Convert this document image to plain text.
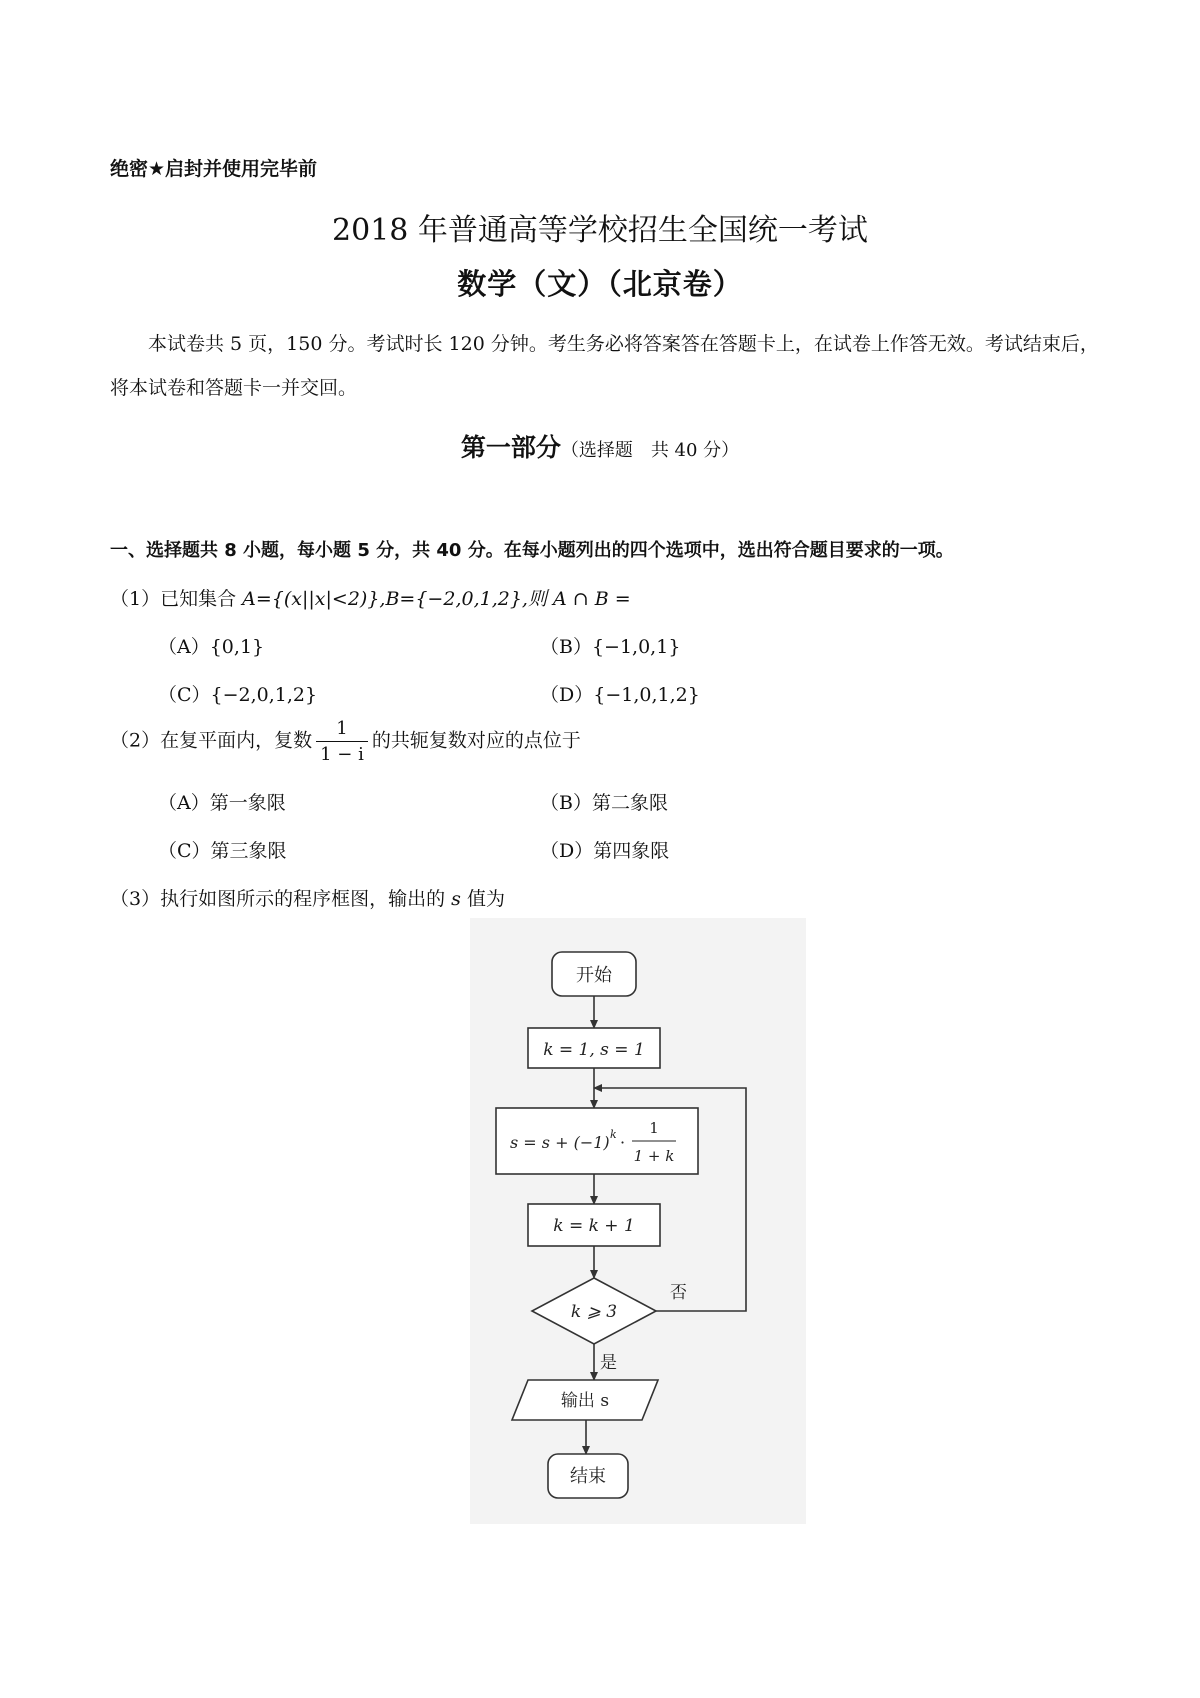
绝密★启封并使用完毕前
2018 年普通高等学校招生全国统一考试
数学（文）（北京卷）
本试卷共 5 页，150 分。考试时长 120 分钟。考生务必将答案答在答题卡上，在试卷上作答无效。考试结束后，将本试卷和答题卡一并交回。
第一部分（选择题　共 40 分）
一、选择题共 8 小题，每小题 5 分，共 40 分。在每小题列出的四个选项中，选出符合题目要求的一项。
（1）已知集合 A={(x||x|<2)},B={−2,0,1,2},则 A ∩ B =
（A）{0,1}	（B）{−1,0,1}
（C）{−2,0,1,2}	（D）{−1,0,1,2}
（2）在复平面内，复数 $\frac{1}{1 - i}$ 的共轭复数对应的点位于
（A）第一象限	（B）第二象限
（C）第三象限	（D）第四象限
（3）执行如图所示的程序框图，输出的 s 值为
开始
k = 1, s = 1
s = s + (−1) k ·
1
1 + k
k = k + 1
k ⩾ 3
否
是
输出 s
结束
